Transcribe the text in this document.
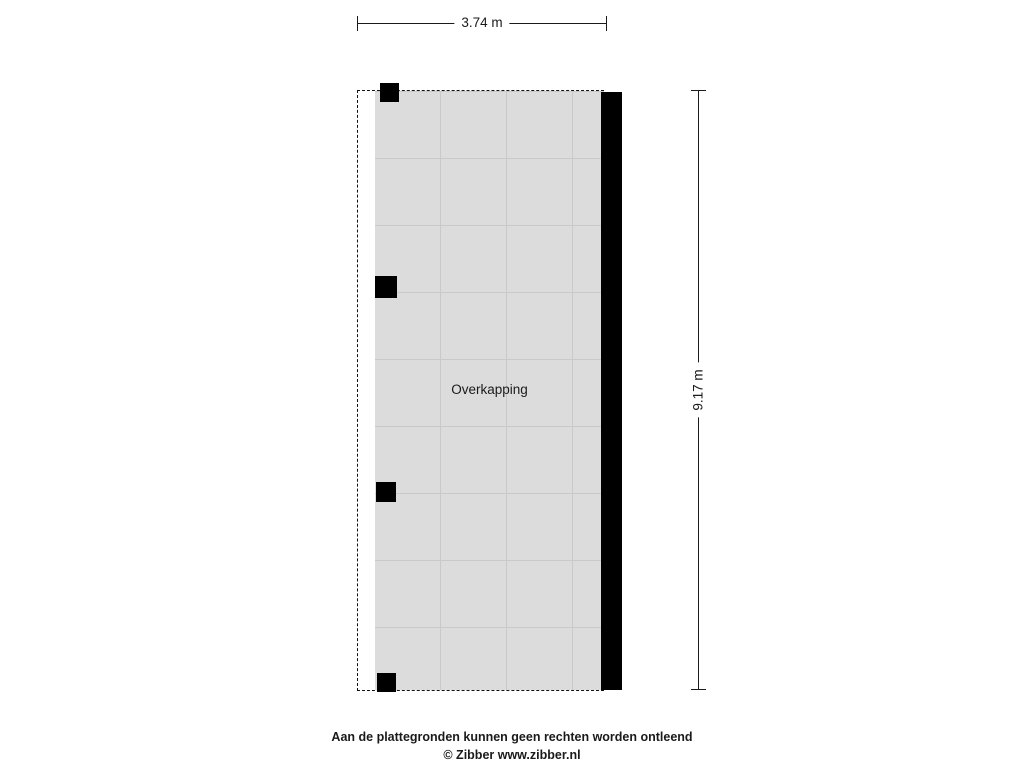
3.74 m
9.17 m
Overkapping
Aan de plattegronden kunnen geen rechten worden ontleend
© Zibber www.zibber.nl
